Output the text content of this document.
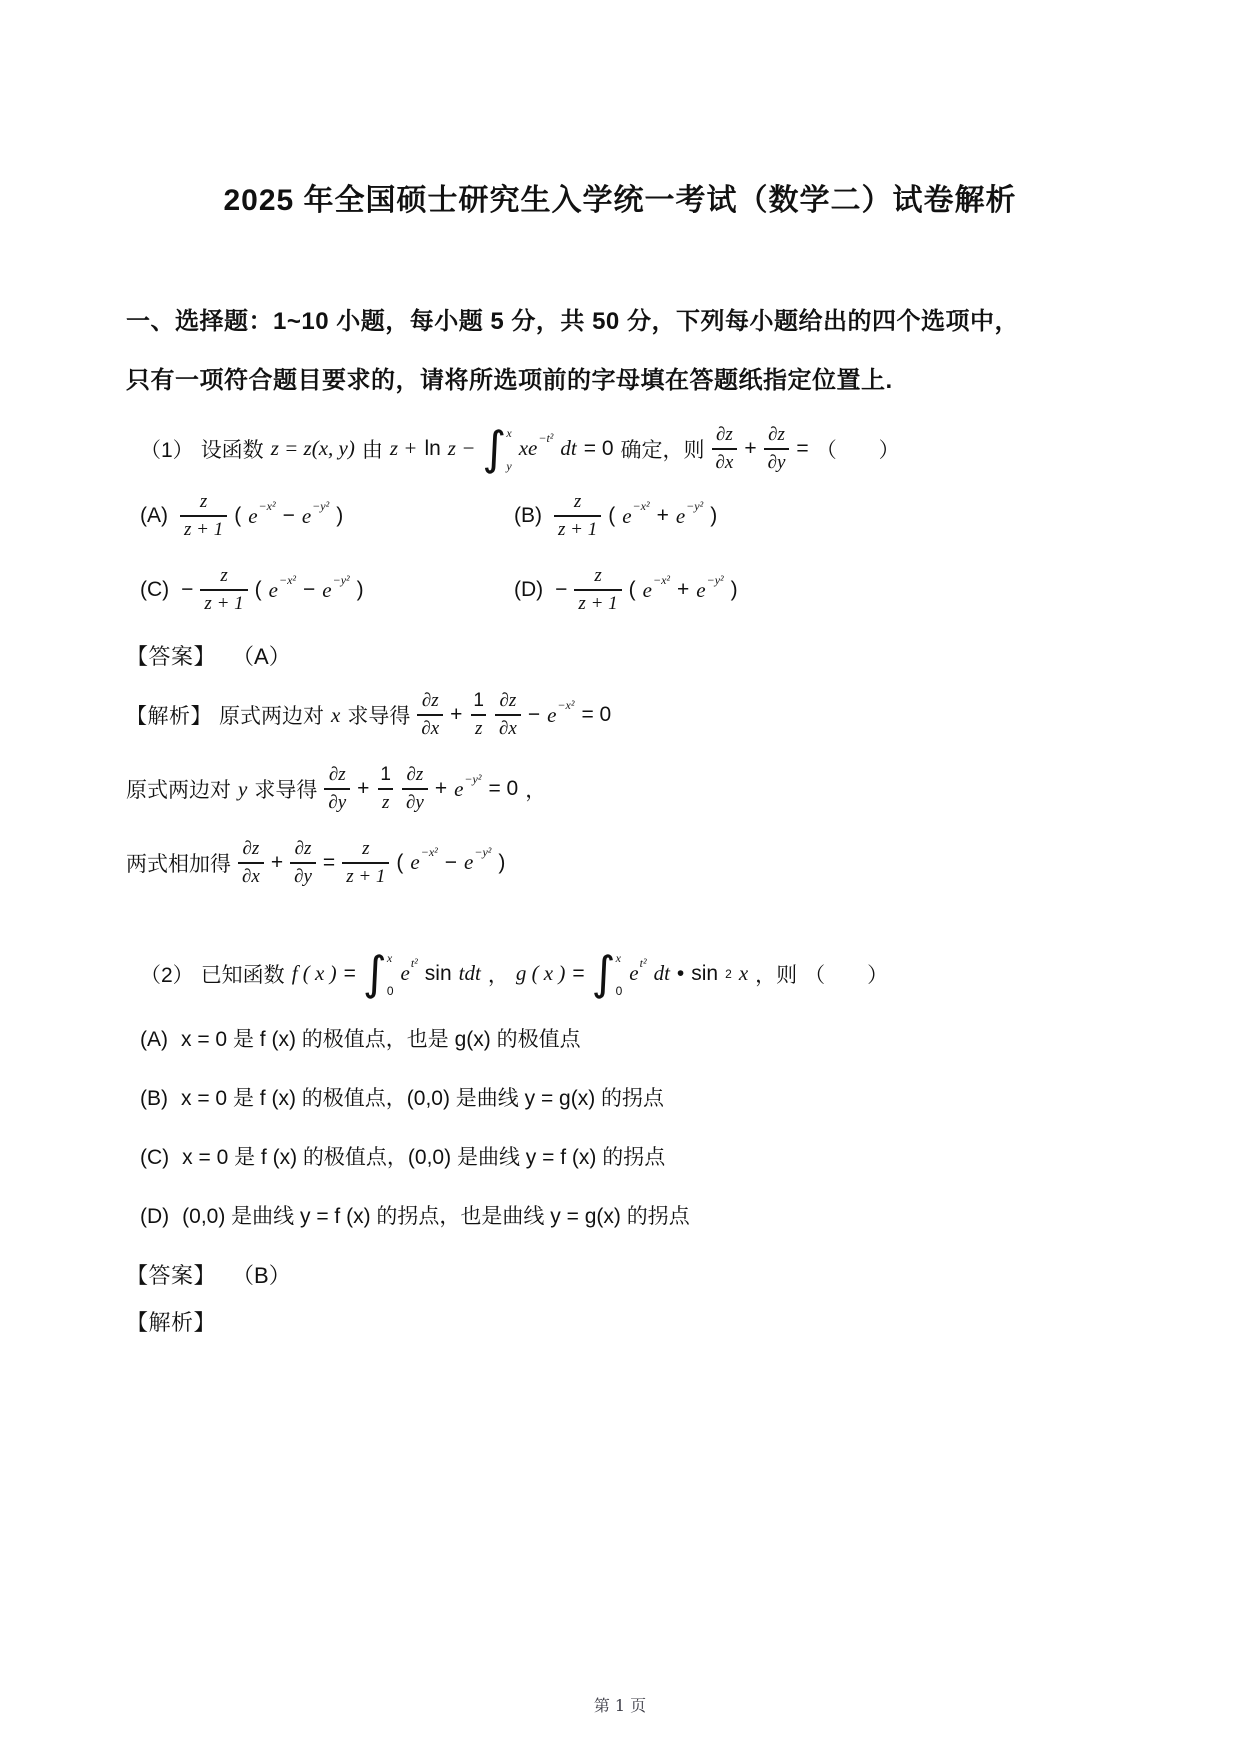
2025 年全国硕士研究生入学统一考试（数学二）试卷解析

一、选择题：1~10 小题，每小题 5 分，共 50 分，下列每小题给出的四个选项中，

只有一项符合题目要求的，请将所选项前的字母填在答题纸指定位置上.

（1） 设函数 z = z(x, y) 由 z + ln z − ∫ x
y
xe −t² dt = 0 确定，则 $\frac{\partial z}{\partial x} + \frac{\partial z}{\partial y}$ = （　　）
$(A) \frac{z}{z + 1}$ ( e −x² − e −y² )	$(B) \frac{z}{z + 1}$ ( e −x² + e −y² )
$(C) - \frac{z}{z + 1}$ ( e −x² − e −y² )	$(D) - \frac{z}{z + 1}$ ( e −x² + e −y² )
【答案】 （A）
【解析】 原式两边对 x 求导得 $\frac{\partial z}{\partial x} + \frac{1}{z} \frac{\partial z}{\partial x} - e -x^2 = 0$
原式两边对 y 求导得 $\frac{\partial z}{\partial y} + \frac{1}{z} \frac{\partial z}{\partial y} + e -y^2 = 0$ ，
两式相加得 $\frac{\partial z}{\partial x} + \frac{\partial z}{\partial y} = \frac{z}{z + 1}$ ( e −x² − e −y² )
（2） 已知函数 f ( x ) = ∫ x
0
e t² sin tdt ， g ( x ) = ∫ x
0
e t² dt • sin 2 x ，则 （　　）
(A) x = 0 是 f (x) 的极值点，也是 g(x) 的极值点
(B) x = 0 是 f (x) 的极值点，(0,0) 是曲线 y = g(x) 的拐点
(C) x = 0 是 f (x) 的极值点，(0,0) 是曲线 y = f (x) 的拐点
(D) (0,0) 是曲线 y = f (x) 的拐点，也是曲线 y = g(x) 的拐点
【答案】 （B）
【解析】
第 1 页
